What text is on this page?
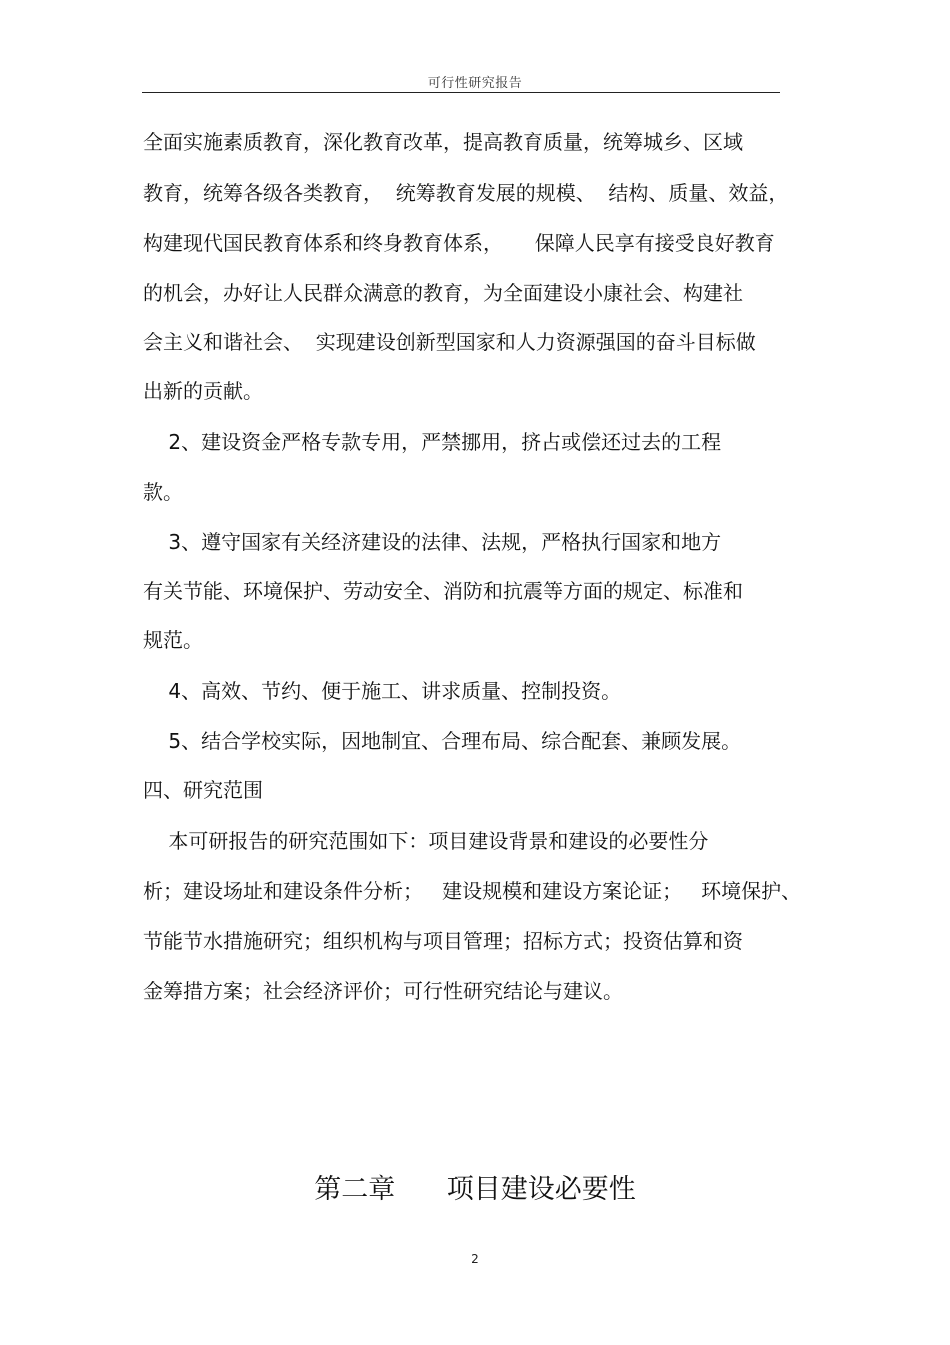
可行性研究报告
全面实施素质教育，深化教育改革，提高教育质量，统筹城乡、区域
教育，统筹各级各类教育，  统筹教育发展的规模、  结构、质量、效益，
构建现代国民教育体系和终身教育体系，     保障人民享有接受良好教育
的机会，办好让人民群众满意的教育，为全面建设小康社会、构建社
会主义和谐社会、  实现建设创新型国家和人力资源强国的奋斗目标做
出新的贡献。
2、建设资金严格专款专用，严禁挪用，挤占或偿还过去的工程
款。
3、遵守国家有关经济建设的法律、法规，严格执行国家和地方
有关节能、环境保护、劳动安全、消防和抗震等方面的规定、标准和
规范。
4、高效、节约、便于施工、讲求质量、控制投资。
5、结合学校实际，因地制宜、合理布局、综合配套、兼顾发展。
四、研究范围
本可研报告的研究范围如下：项目建设背景和建设的必要性分
析；建设场址和建设条件分析；   建设规模和建设方案论证；   环境保护、
节能节水措施研究；组织机构与项目管理；招标方式；投资估算和资
金筹措方案；社会经济评价；可行性研究结论与建议。
第二章      项目建设必要性
2
